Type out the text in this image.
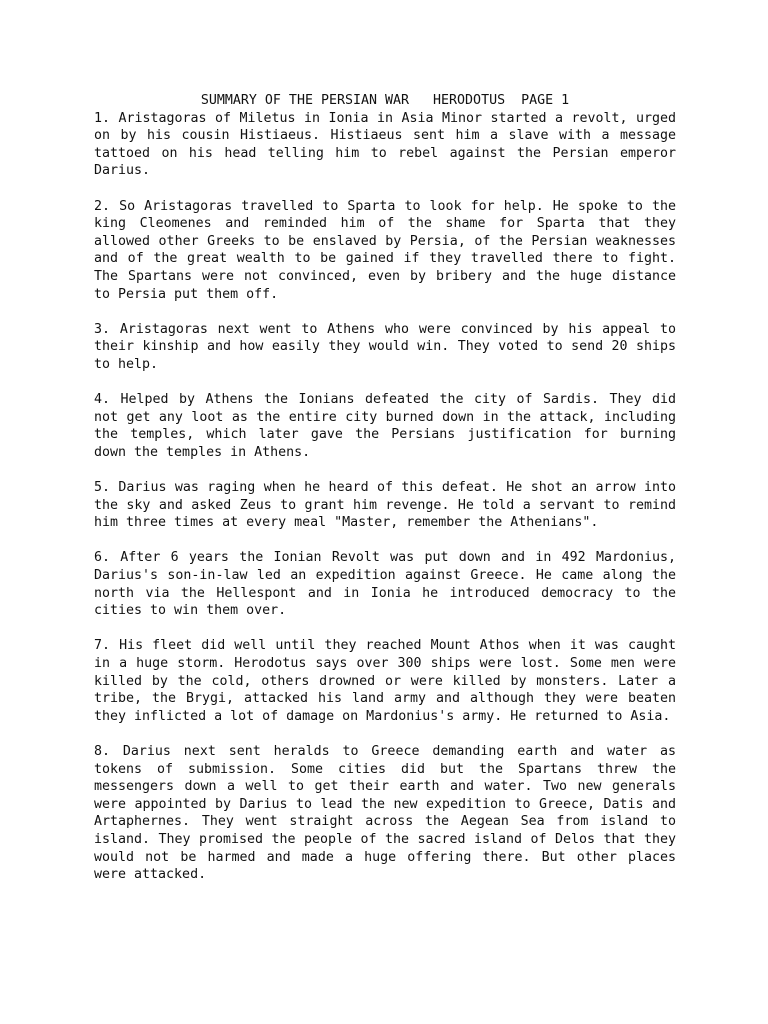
SUMMARY OF THE PERSIAN WAR   HERODOTUS  PAGE 1

1. Aristagoras of Miletus in Ionia in Asia Minor started a revolt, urged on by his cousin Histiaeus. Histiaeus sent him a slave with a message tattoed on his head telling him to rebel against the Persian emperor Darius.

2. So Aristagoras travelled to Sparta to look for help. He spoke to the king Cleomenes and reminded him of the shame for Sparta that they allowed other Greeks to be enslaved by Persia, of the Persian weaknesses and of the great wealth to be gained if they travelled there to fight. The Spartans were not convinced, even by bribery and the huge distance to Persia put them off.

3. Aristagoras next went to Athens who were convinced by his appeal to their kinship and how easily they would win. They voted to send 20 ships to help.

4. Helped by Athens the Ionians defeated the city of Sardis. They did not get any loot as the entire city burned down in the attack, including the temples, which later gave the Persians justification for burning down the temples in Athens.

5. Darius was raging when he heard of this defeat. He shot an arrow into the sky and asked Zeus to grant him revenge. He told a servant to remind him three times at every meal "Master, remember the Athenians".

6. After 6 years the Ionian Revolt was put down and in 492 Mardonius, Darius's son-in-law led an expedition against Greece. He came along the north via the Hellespont and in Ionia he introduced democracy to the cities to win them over.

7. His fleet did well until they reached Mount Athos when it was caught in a huge storm. Herodotus says over 300 ships were lost. Some men were killed by the cold, others drowned or were killed by monsters. Later a tribe, the Brygi, attacked his land army and although they were beaten they inflicted a lot of damage on Mardonius's army. He returned to Asia.

8. Darius next sent heralds to Greece demanding earth and water as tokens of submission. Some cities did but the Spartans threw the messengers down a well to get their earth and water. Two new generals were appointed by Darius to lead the new expedition to Greece, Datis and Artaphernes. They went straight across the Aegean Sea from island to island. They promised the people of the sacred island of Delos that they would not be harmed and made a huge offering there. But other places were attacked.
